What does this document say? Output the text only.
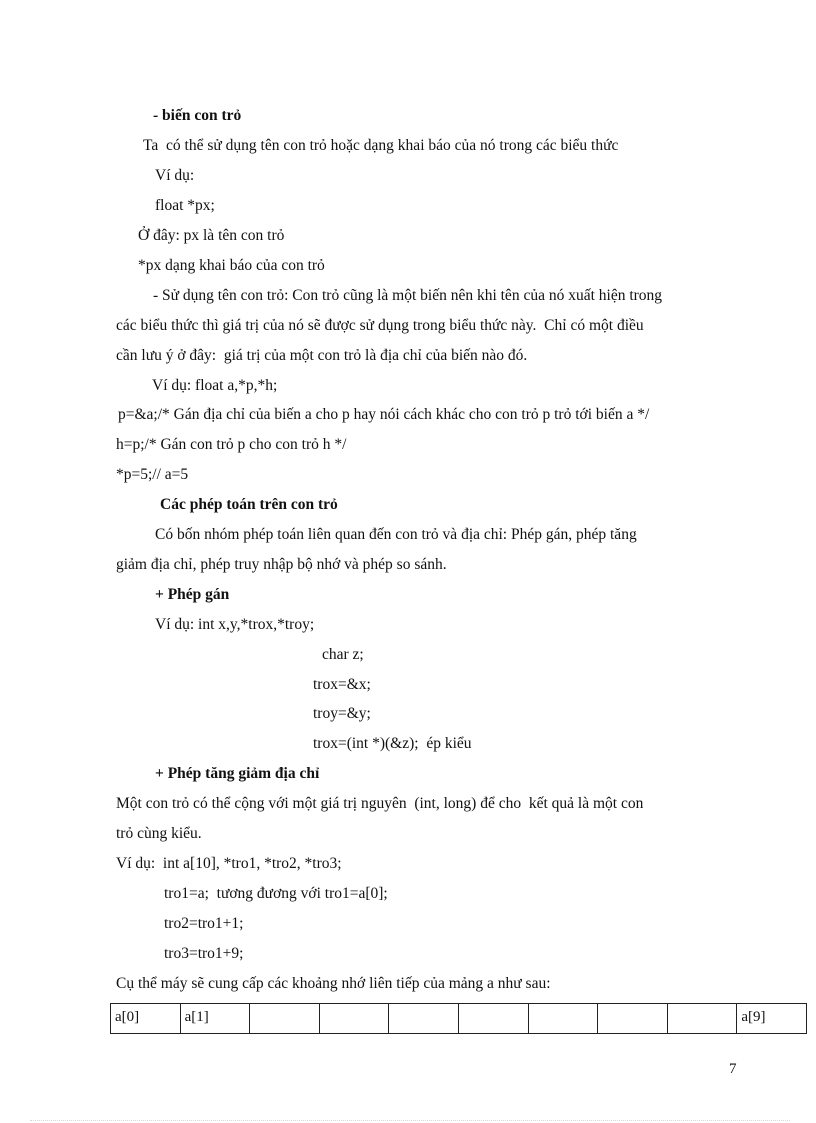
- biến con trỏ
Ta  có thể sử dụng tên con trỏ hoặc dạng khai báo của nó trong các biểu thức
Ví dụ:
float *px;
Ở đây: px là tên con trỏ
*px dạng khai báo của con trỏ
- Sử dụng tên con trỏ: Con trỏ cũng là một biến nên khi tên của nó xuất hiện trong
các biểu thức thì giá trị của nó sẽ được sử dụng trong biểu thức này.  Chỉ có một điều
cần lưu ý ở đây:  giá trị của một con trỏ là địa chỉ của biến nào đó.
Ví dụ: float a,*p,*h;
p=&a;/* Gán địa chỉ của biến a cho p hay nói cách khác cho con trỏ p trỏ tới biến a */
h=p;/* Gán con trỏ p cho con trỏ h */
*p=5;// a=5
Các phép toán trên con trỏ
Có bốn nhóm phép toán liên quan đến con trỏ và địa chỉ: Phép gán, phép tăng
giảm địa chỉ, phép truy nhập bộ nhớ và phép so sánh.
+ Phép gán
Ví dụ: int x,y,*trox,*troy;
char z;
trox=&x;
troy=&y;
trox=(int *)(&z);  ép kiểu
+ Phép tăng giảm địa chỉ
Một con trỏ có thể cộng với một giá trị nguyên  (int, long) để cho  kết quả là một con
trỏ cùng kiểu.
Ví dụ:  int a[10], *tro1, *tro2, *tro3;
tro1=a;  tương đương với tro1=a[0];
tro2=tro1+1;
tro3=tro1+9;
Cụ thể máy sẽ cung cấp các khoảng nhớ liên tiếp của mảng a như sau:
a[0]	a[1]								a[9]
7
